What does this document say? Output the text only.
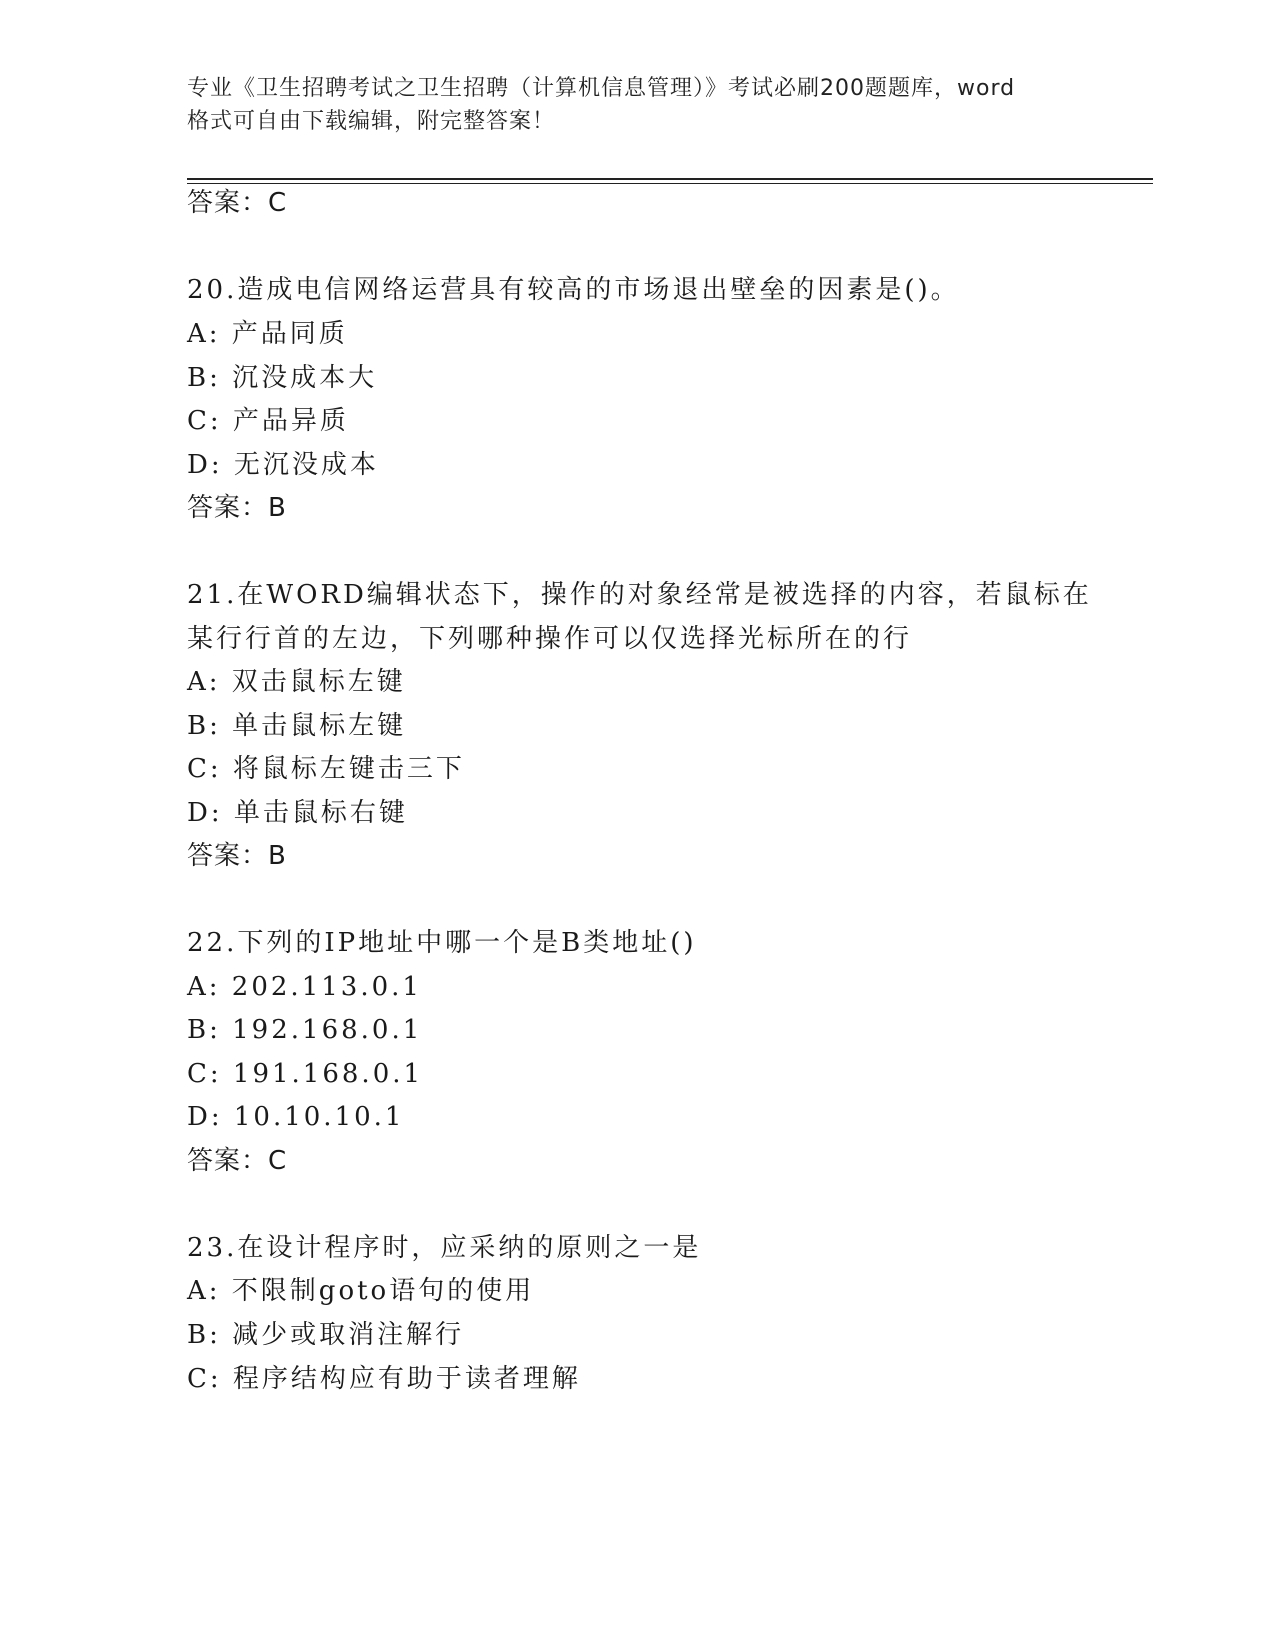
专业《卫生招聘考试之卫生招聘（计算机信息管理）》考试必刷200题题库，word
格式可自由下载编辑，附完整答案！
答案：C
20.造成电信网络运营具有较高的市场退出壁垒的因素是()。
A: 产品同质
B: 沉没成本大
C: 产品异质
D: 无沉没成本
答案：B
21.在WORD编辑状态下，操作的对象经常是被选择的内容，若鼠标在
某行行首的左边，下列哪种操作可以仅选择光标所在的行
A: 双击鼠标左键
B: 单击鼠标左键
C: 将鼠标左键击三下
D: 单击鼠标右键
答案：B
22.下列的IP地址中哪一个是B类地址()
A: 202.113.0.1
B: 192.168.0.1
C: 191.168.0.1
D: 10.10.10.1
答案：C
23.在设计程序时，应采纳的原则之一是
A: 不限制goto语句的使用
B: 减少或取消注解行
C: 程序结构应有助于读者理解
